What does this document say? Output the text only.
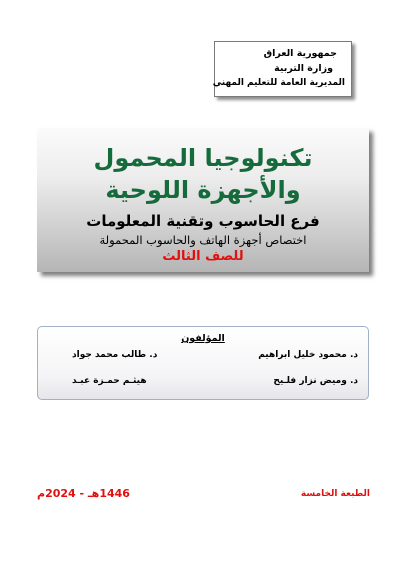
جمهورية العراق
وزارة التربية
المديرية العامة للتعليم المهني
تكنولوجيا المحمول
والأجهزة اللوحية
فرع الحاسوب وتقنية المعلومات
اختصاص أجهزة الهاتف والحاسوب المحمولة
للصف الثالث
المؤلفون
د. محمود خليل ابراهيم
د. وميض نزار فلـيح
د. طالب محمد جواد
هيثـم حمـزة عبـد
الطبعة الخامسة
1446هـ - 2024م
